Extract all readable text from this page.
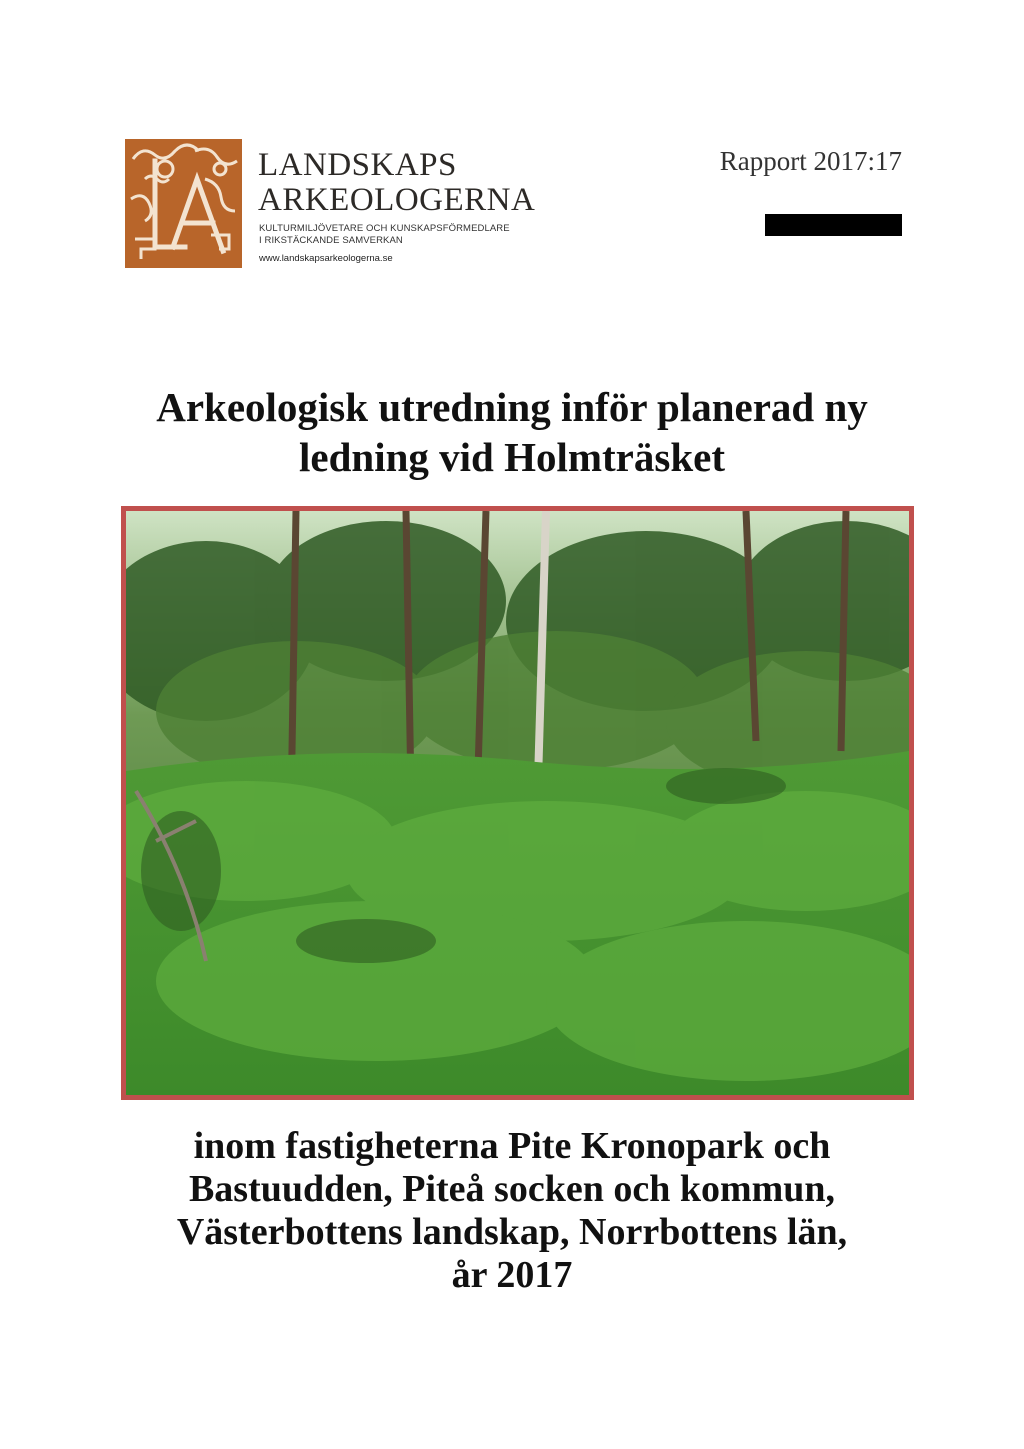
LANDSKAPS
ARKEOLOGERNA
KULTURMILJÖVETARE OCH KUNSKAPSFÖRMEDLARE
I RIKSTÄCKANDE SAMVERKAN
www.landskapsarkeologerna.se
Rapport 2017:17
Arkeologisk utredning inför planerad ny
ledning vid Holmträsket
inom fastigheterna Pite Kronopark och
Bastuudden, Piteå socken och kommun,
Västerbottens landskap, Norrbottens län,
år 2017
